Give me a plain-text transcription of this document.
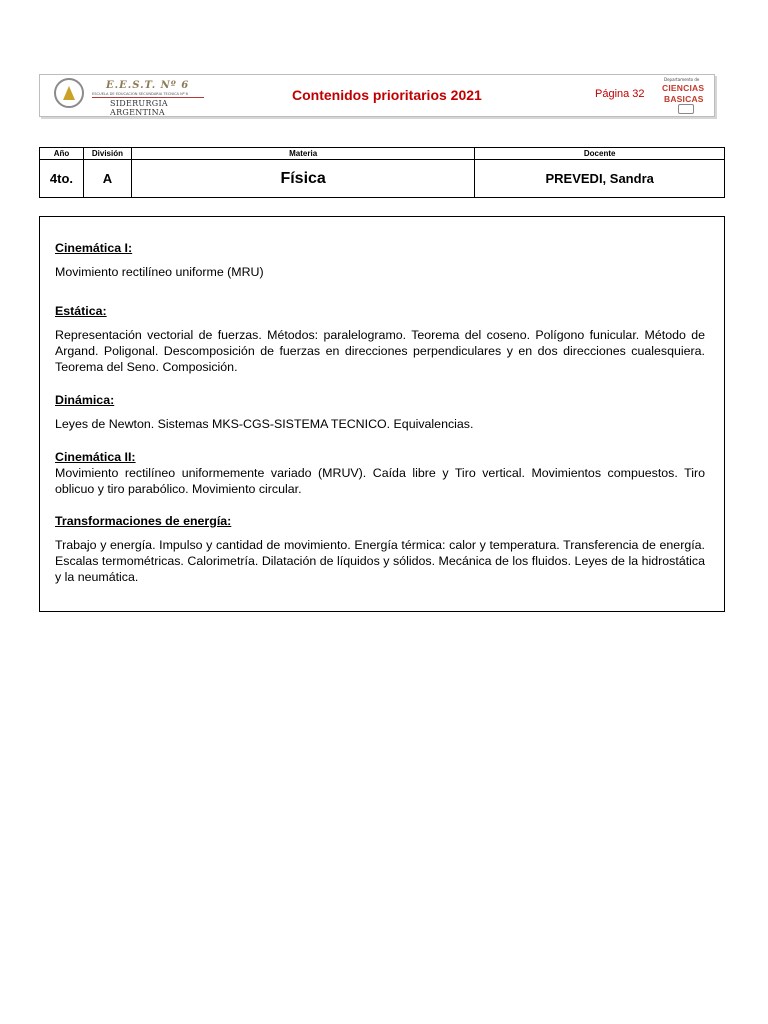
E.E.S.T. Nº 6
ESCUELA DE EDUCACION SECUNDARIA TECNICA Nº 6
SIDERURGIA ARGENTINA
Contenidos prioritarios 2021	Página 32
Departamento de
CIENCIAS
BASICAS
Año	División	Materia	Docente
4to.	A	Física	PREVEDI, Sandra
Cinemática I:
Movimiento rectilíneo uniforme (MRU)
Estática:
Representación vectorial de fuerzas. Métodos: paralelogramo. Teorema del coseno. Polígono funicular. Método de Argand. Poligonal. Descomposición de fuerzas en direcciones perpendiculares y en dos direcciones cualesquiera. Teorema del Seno. Composición.
Dinámica:
Leyes de Newton. Sistemas MKS-CGS-SISTEMA TECNICO. Equivalencias.
Cinemática II:
Movimiento rectilíneo uniformemente variado (MRUV). Caída libre y Tiro vertical. Movimientos compuestos. Tiro oblicuo y tiro parabólico. Movimiento circular.
Transformaciones de energía:
Trabajo y energía. Impulso y cantidad de movimiento. Energía térmica: calor y temperatura. Transferencia de energía. Escalas termométricas. Calorimetría. Dilatación de líquidos y sólidos. Mecánica de los fluidos. Leyes de la hidrostática y la neumática.
